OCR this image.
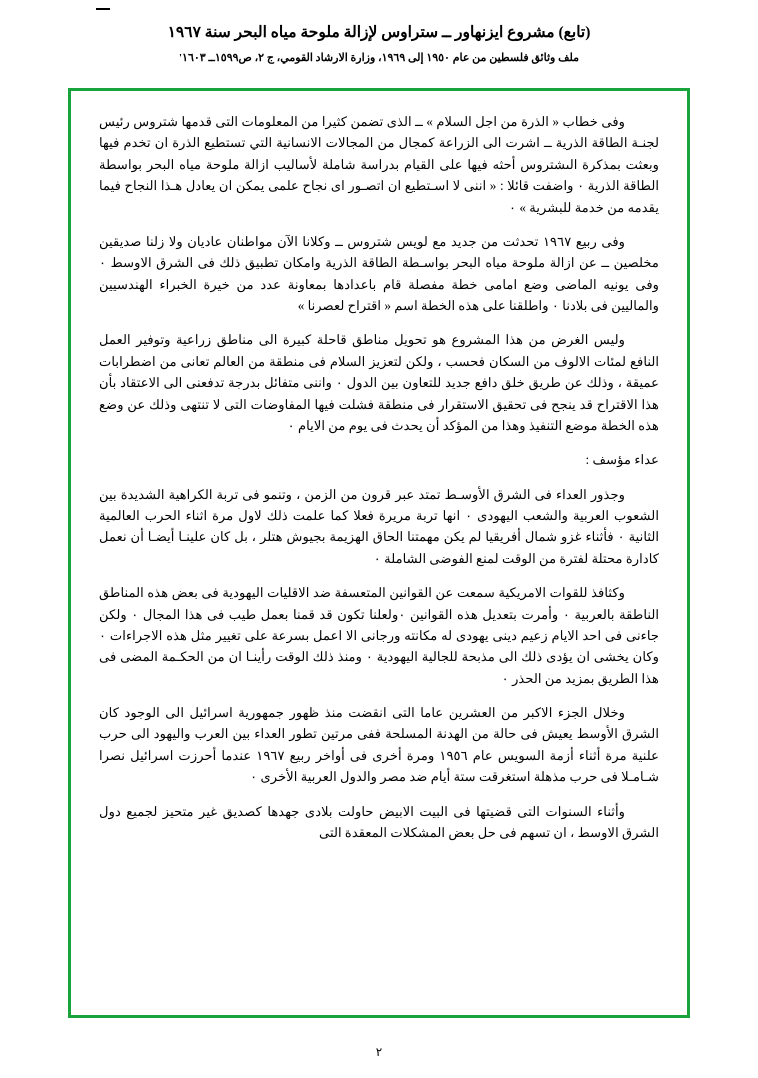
(تابع) مشروع ايزنهاور ــ ستراوس لإزالة ملوحة مياه البحر سنة ١٩٦٧
ملف وثائق فلسطين من عام ١٩٥٠ إلى ١٩٦٩، وزارة الارشاد القومي، ج ٢، ص١٥٩٩ــ ١٦٠٣'

وفى خطاب « الذرة من اجل السلام » ــ الذى تضمن كثيرا من المعلومات التى قدمها شتروس رئيس لجنـة الطاقة الذرية ــ اشرت الى الزراعة كمجال من المجالات الانسانية التي تستطيع الذرة ان تخدم فيها وبعثت بمذكرة الىشتروس أحثه فيها على القيام بدراسة شاملة لأساليب ازالة ملوحة مياه البحر بواسطة الطاقة الذرية ٠ واضفت قائلا : « اننى لا اسـتطيع ان اتصـور اى نجاح علمى يمكن ان يعادل هـذا النجاح فيما يقدمه من خدمة للبشرية » ٠

وفى ربيع ١٩٦٧ تحدثت من جديد مع لويس شتروس ــ وكلانا الآن مواطنان عاديان ولا زلنا صديقين مخلصين ــ عن ازالة ملوحة مياه البحر بواسـطة الطاقة الذرية وامكان تطبيق ذلك فى الشرق الاوسط ٠ وفى يونيه الماضى وضع امامى خطة مفصلة قام باعدادها بمعاونة عدد من خيرة الخبراء الهندسيين والماليين فى بلادنا ٠ واطلقنا على هذه الخطة اسم « اقتراح لعصرنا »

وليس الغرض من هذا المشروع هو تحويل مناطق قاحلة كبيرة الى مناطق زراعية وتوفير العمل النافع لمئات الالوف من السكان فحسب ، ولكن لتعزيز السلام فى منطقة من العالم تعانى من اضطرابات عميقة ، وذلك عن طريق خلق دافع جديد للتعاون بين الدول ٠ واننى متفائل بدرجة تدفعنى الى الاعتقاد بأن هذا الاقتراح قد ينجح فى تحقيق الاستقرار فى منطقة فشلت فيها المفاوضات التى لا تنتهى وذلك عن وضع هذه الخطة موضع التنفيذ وهذا من المؤكد أن يحدث فى يوم من الايام ٠

عداء مؤسف :

وجذور العداء فى الشرق الأوسـط تمتد عبر قرون من الزمن ، وتنمو فى تربة الكراهية الشديدة بين الشعوب العربية والشعب اليهودى ٠ انها تربة مريرة فعلا كما علمت ذلك لاول مرة اثناء الحرب العالمية الثانية ٠ فأثناء غزو شمال أفريقيا لم يكن مهمتنا الحاق الهزيمة بجيوش هتلر ، بل كان علينـا أيضـا أن نعمل كادارة محتلة لفترة من الوقت لمنع الفوضى الشاملة ٠

وكثافذ للقوات الامريكية سمعت عن القوانين المتعسفة ضد الاقليات اليهودية فى بعض هذه المناطق الناطقة بالعربية ٠ وأمرت بتعديل هذه القوانين ٠ولعلنا تكون قد قمنا بعمل طيب فى هذا المجال ٠ ولكن جاءنى فى احد الايام زعيم دينى يهودى له مكانته ورجانى الا اعمل بسرعة على تغيير مثل هذه الاجراءات ٠ وكان يخشى ان يؤدى ذلك الى مذبحة للجالية اليهودية ٠ ومنذ ذلك الوقت رأينـا ان من الحكـمة المضى فى هذا الطريق بمزيد من الحذر ٠

وخلال الجزء الاكبر من العشرين عاما التى انقضت منذ ظهور جمهورية اسرائيل الى الوجود كان الشرق الأوسط يعيش فى حالة من الهدنة المسلحة ففى مرتين تطور العداء بين العرب واليهود الى حرب علنية مرة أثناء أزمة السويس عام ١٩٥٦ ومرة أخرى فى أواخر ربيع ١٩٦٧ عندما أحرزت اسرائيل نصرا شـامـلا فى حرب مذهلة استغرقت ستة أيام ضد مصر والدول العربية الأخرى ٠

وأثناء السنوات التى قضيتها فى البيت الابيض حاولت بلادى جهدها كصديق غير متحيز لجميع دول الشرق الاوسط ، ان تسهم فى حل بعض المشكلات المعقدة التى

٢
